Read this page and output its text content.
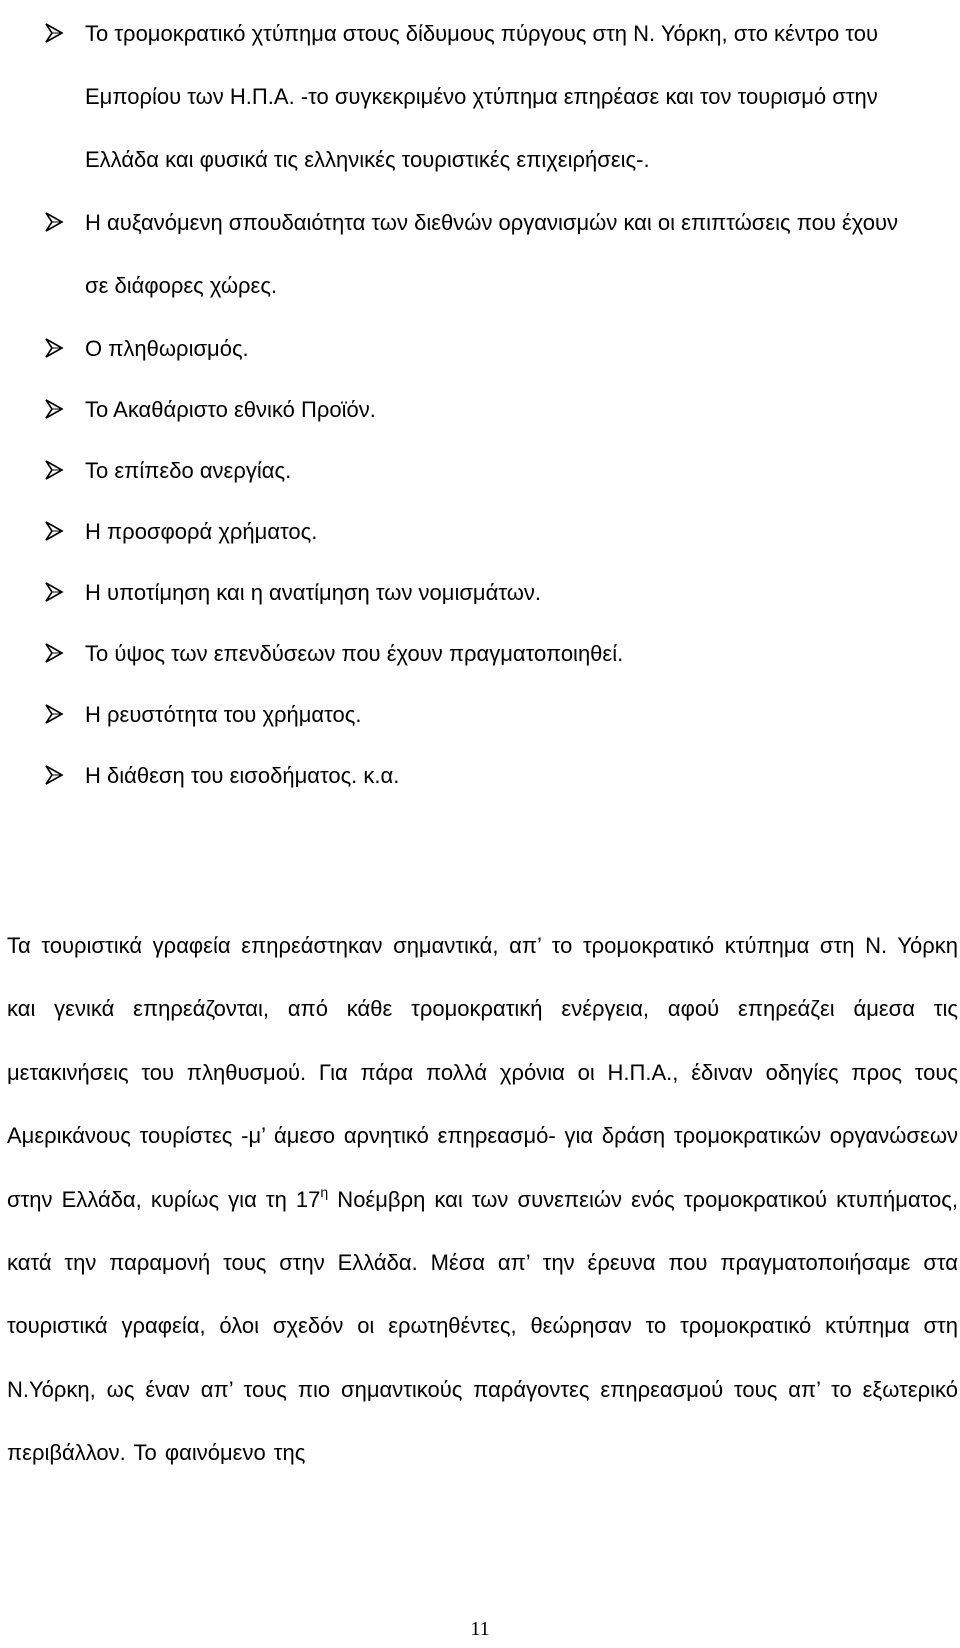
Το τρομοκρατικό χτύπημα στους δίδυμους πύργους στη Ν. Υόρκη, στο κέντρο του Εμπορίου των Η.Π.Α. -το συγκεκριμένο χτύπημα επηρέασε και τον τουρισμό στην Ελλάδα και φυσικά τις ελληνικές τουριστικές επιχειρήσεις-.
Η αυξανόμενη σπουδαιότητα των διεθνών οργανισμών και οι επιπτώσεις που έχουν σε διάφορες χώρες.
Ο πληθωρισμός.
Το Ακαθάριστο εθνικό Προϊόν.
Το επίπεδο ανεργίας.
Η προσφορά χρήματος.
Η υποτίμηση και η ανατίμηση των νομισμάτων.
Το ύψος των επενδύσεων που έχουν πραγματοποιηθεί.
Η ρευστότητα του χρήματος.
Η διάθεση του εισοδήματος. κ.α.
Τα τουριστικά γραφεία επηρεάστηκαν σημαντικά, απ’ το τρομοκρατικό κτύπημα στη Ν. Υόρκη και γενικά επηρεάζονται, από κάθε τρομοκρατική ενέργεια, αφού επηρεάζει άμεσα τις μετακινήσεις του πληθυσμού. Για πάρα πολλά χρόνια οι Η.Π.Α., έδιναν οδηγίες προς τους Αμερικάνους τουρίστες -μ’ άμεσο αρνητικό επηρεασμό- για δράση τρομοκρατικών οργανώσεων στην Ελλάδα, κυρίως για τη $17^\eta$ Νοέμβρη και των συνεπειών ενός τρομοκρατικού κτυπήματος, κατά την παραμονή τους στην Ελλάδα. Μέσα απ’ την έρευνα που πραγματοποιήσαμε στα τουριστικά γραφεία, όλοι σχεδόν οι ερωτηθέντες, θεώρησαν το τρομοκρατικό κτύπημα στη Ν.Υόρκη, ως έναν απ’ τους πιο σημαντικούς παράγοντες επηρεασμού τους απ’ το εξωτερικό περιβάλλον. Το φαινόμενο της
11
